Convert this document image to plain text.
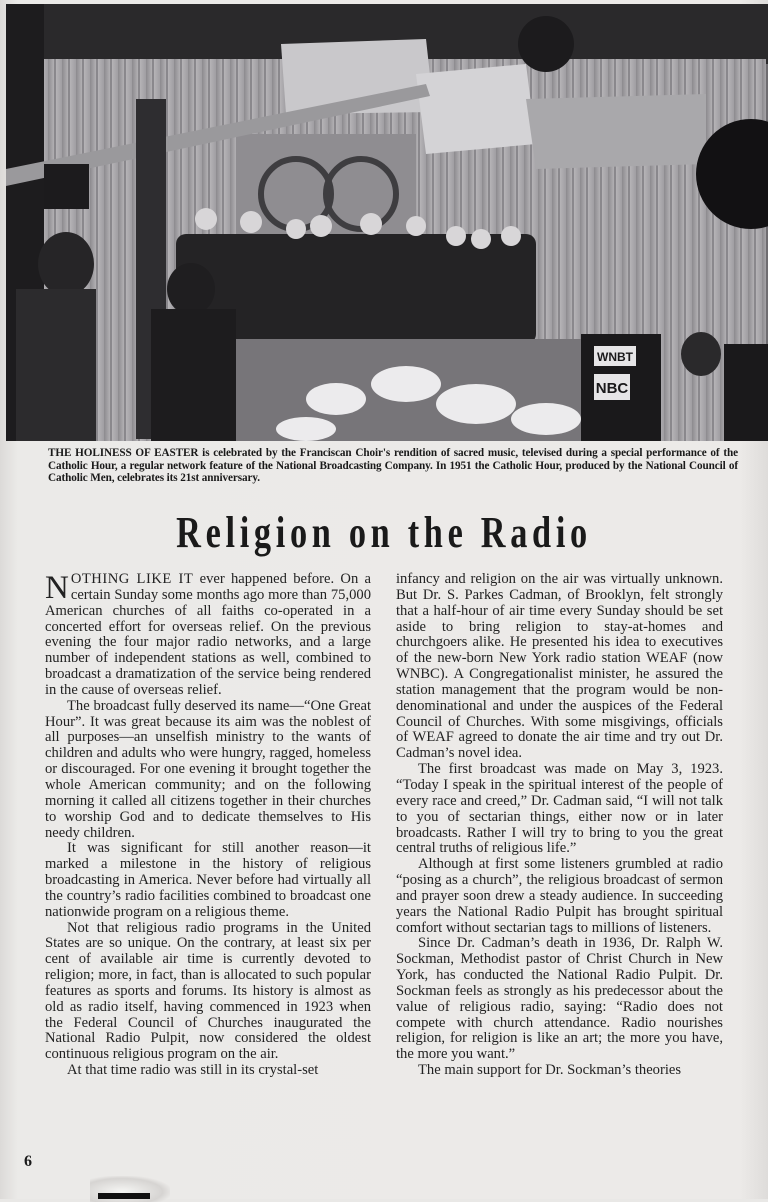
WNBT
NBC
THE HOLINESS OF EASTER is celebrated by the Franciscan Choir's rendition of sacred music, televised during a special performance of the Catholic Hour, a regular network feature of the National Broadcasting Company. In 1951 the Catholic Hour, produced by the National Council of Catholic Men, celebrates its 21st anniversary.
Religion on the Radio

NOTHING LIKE IT ever happened before. On a certain Sunday some months ago more than 75,000 American churches of all faiths co-operated in a concerted effort for overseas relief. On the previous evening the four major radio networks, and a large number of independent stations as well, combined to broadcast a dramatization of the service being rendered in the cause of overseas relief.

The broadcast fully deserved its name—“One Great Hour”. It was great because its aim was the noblest of all purposes—an unselfish ministry to the wants of children and adults who were hungry, ragged, homeless or discouraged. For one evening it brought together the whole American community; and on the following morning it called all citizens together in their churches to worship God and to dedicate themselves to His needy children.

It was significant for still another reason—it marked a milestone in the history of religious broadcasting in America. Never before had virtually all the country’s radio facilities combined to broadcast one nationwide program on a religious theme.

Not that religious radio programs in the United States are so unique. On the contrary, at least six per cent of available air time is currently devoted to religion; more, in fact, than is allocated to such popular features as sports and forums. Its history is almost as old as radio itself, having commenced in 1923 when the Federal Council of Churches inaugurated the National Radio Pulpit, now considered the oldest continuous religious program on the air.

At that time radio was still in its crystal-set

infancy and religion on the air was virtually unknown. But Dr. S. Parkes Cadman, of Brooklyn, felt strongly that a half-hour of air time every Sunday should be set aside to bring religion to stay-at-homes and churchgoers alike. He presented his idea to executives of the new-born New York radio station WEAF (now WNBC). A Congregationalist minister, he assured the station management that the program would be non-denominational and under the auspices of the Federal Council of Churches. With some misgivings, officials of WEAF agreed to donate the air time and try out Dr. Cadman’s novel idea.

The first broadcast was made on May 3, 1923. “Today I speak in the spiritual interest of the people of every race and creed,” Dr. Cadman said, “I will not talk to you of sectarian things, either now or in later broadcasts. Rather I will try to bring to you the great central truths of religious life.”

Although at first some listeners grumbled at radio “posing as a church”, the religious broadcast of sermon and prayer soon drew a steady audience. In succeeding years the National Radio Pulpit has brought spiritual comfort without sectarian tags to millions of listeners.

Since Dr. Cadman’s death in 1936, Dr. Ralph W. Sockman, Methodist pastor of Christ Church in New York, has conducted the National Radio Pulpit. Dr. Sockman feels as strongly as his predecessor about the value of religious radio, saying: “Radio does not compete with church attendance. Radio nourishes religion, for religion is like an art; the more you have, the more you want.”

The main support for Dr. Sockman’s theories

6
